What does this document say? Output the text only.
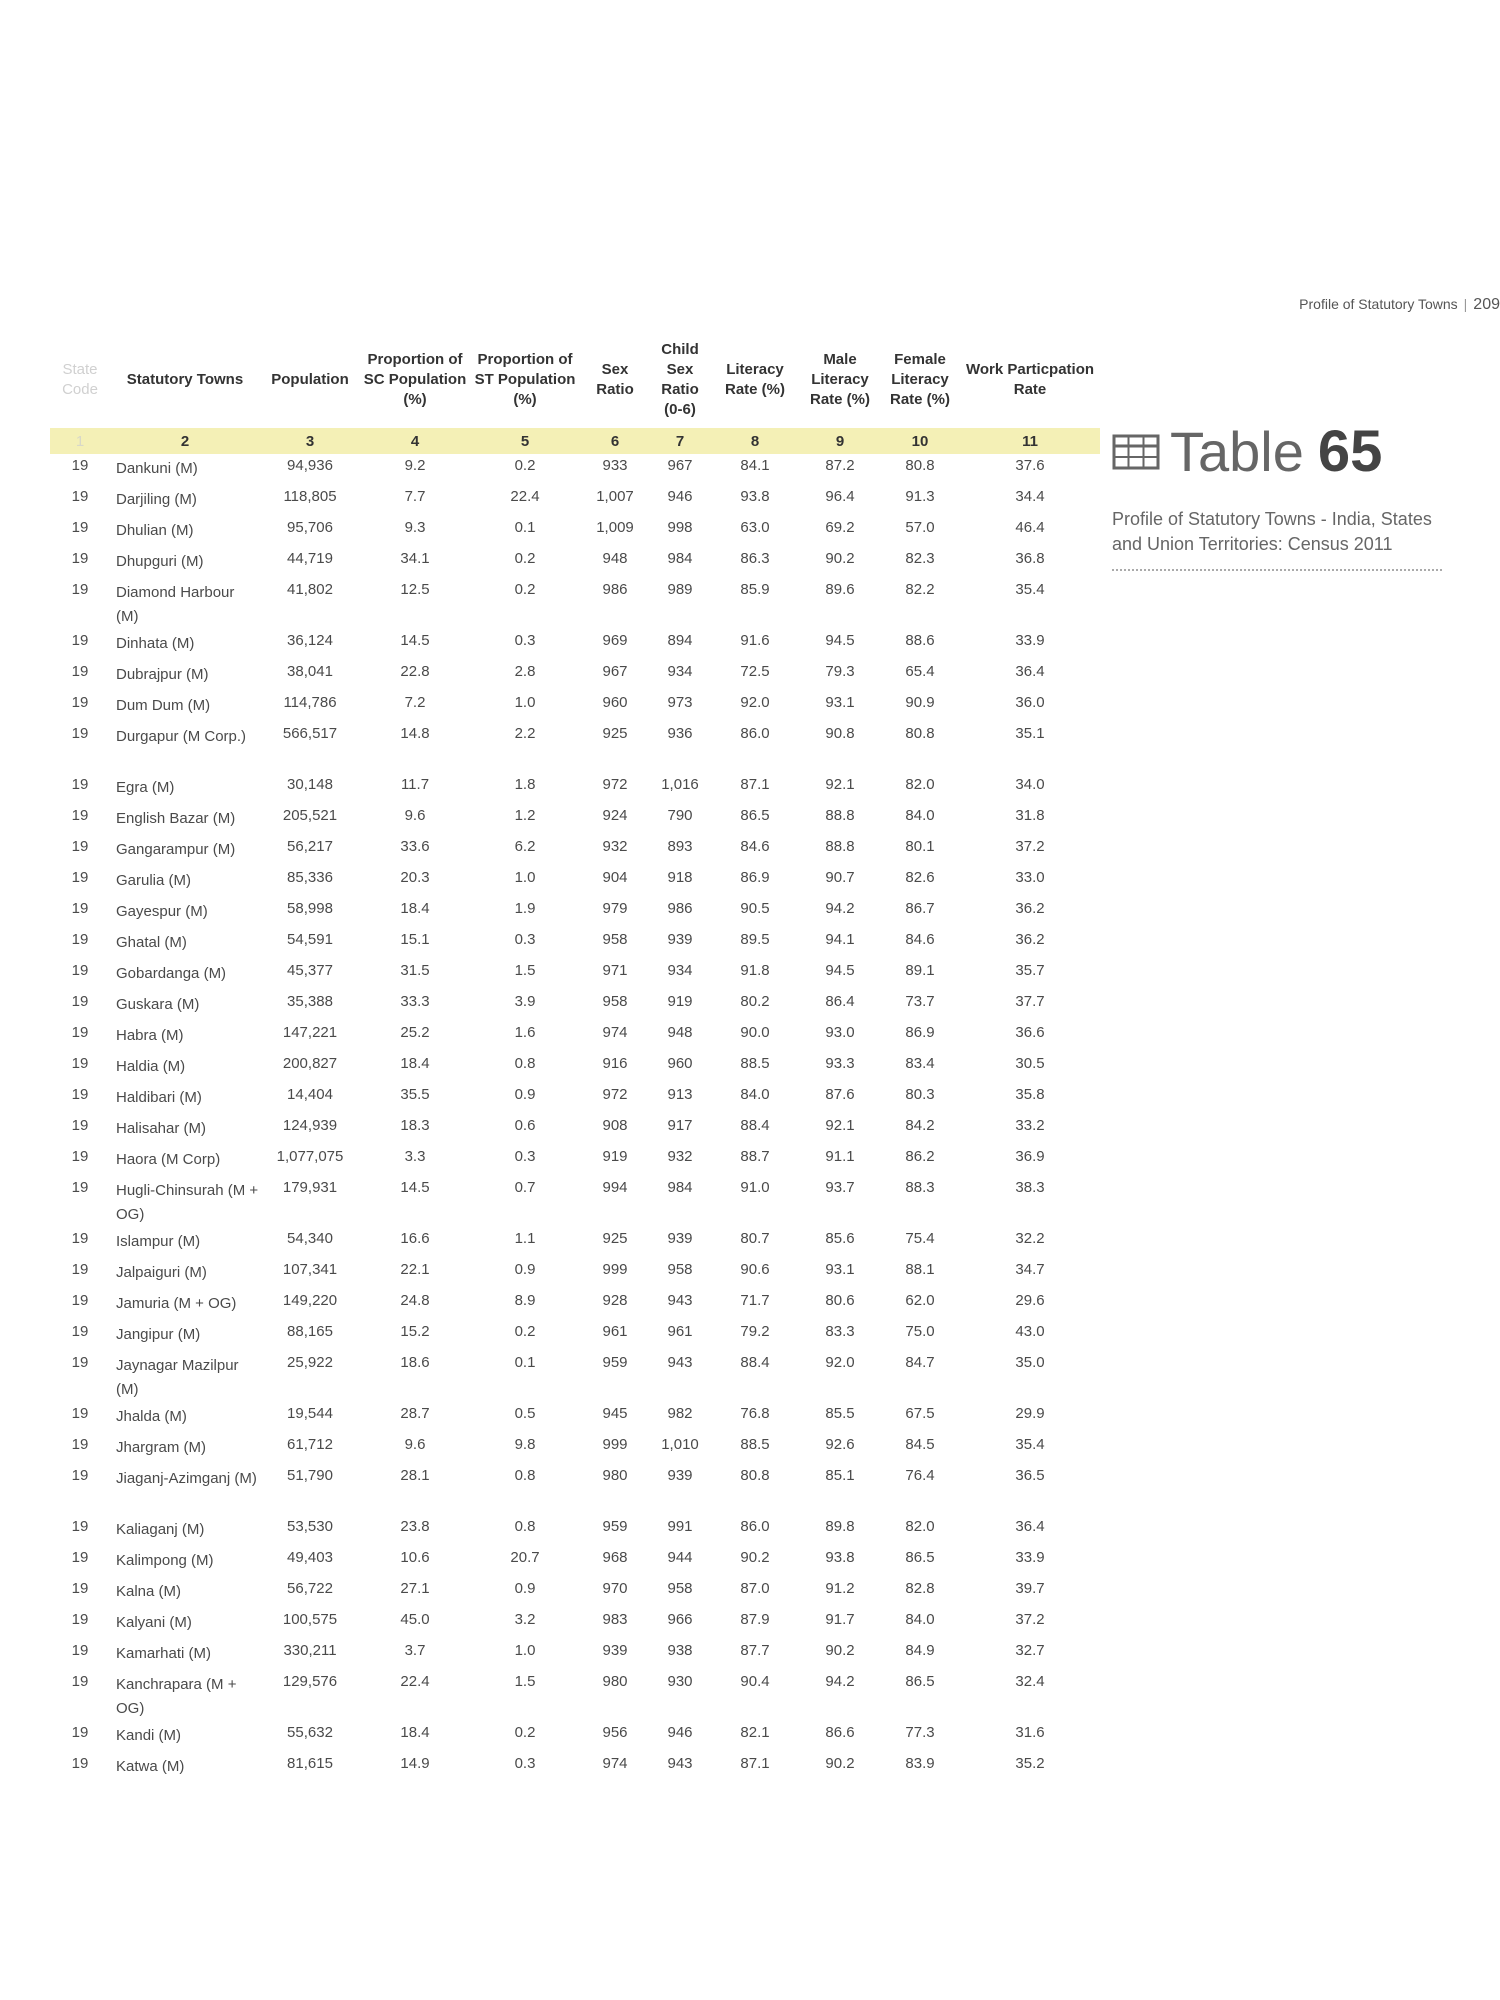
Profile of Statutory Towns | 209
State Code	Statutory Towns	Population	Proportion of SC Population (%)	Proportion of ST Population (%)	Sex Ratio	Child Sex Ratio (0-6)	Literacy Rate (%)	Male Literacy Rate (%)	Female Literacy Rate (%)	Work Particpation Rate
1	2	3	4	5	6	7	8	9	10	11
19	Dankuni (M)	94,936	9.2	0.2	933	967	84.1	87.2	80.8	37.6
19	Darjiling (M)	118,805	7.7	22.4	1,007	946	93.8	96.4	91.3	34.4
19	Dhulian (M)	95,706	9.3	0.1	1,009	998	63.0	69.2	57.0	46.4
19	Dhupguri (M)	44,719	34.1	0.2	948	984	86.3	90.2	82.3	36.8
19	Diamond Harbour (M)	41,802	12.5	0.2	986	989	85.9	89.6	82.2	35.4
19	Dinhata (M)	36,124	14.5	0.3	969	894	91.6	94.5	88.6	33.9
19	Dubrajpur (M)	38,041	22.8	2.8	967	934	72.5	79.3	65.4	36.4
19	Dum Dum (M)	114,786	7.2	1.0	960	973	92.0	93.1	90.9	36.0
19	Durgapur (M Corp.)	566,517	14.8	2.2	925	936	86.0	90.8	80.8	35.1
19	Egra (M)	30,148	11.7	1.8	972	1,016	87.1	92.1	82.0	34.0
19	English Bazar (M)	205,521	9.6	1.2	924	790	86.5	88.8	84.0	31.8
19	Gangarampur (M)	56,217	33.6	6.2	932	893	84.6	88.8	80.1	37.2
19	Garulia (M)	85,336	20.3	1.0	904	918	86.9	90.7	82.6	33.0
19	Gayespur (M)	58,998	18.4	1.9	979	986	90.5	94.2	86.7	36.2
19	Ghatal (M)	54,591	15.1	0.3	958	939	89.5	94.1	84.6	36.2
19	Gobardanga (M)	45,377	31.5	1.5	971	934	91.8	94.5	89.1	35.7
19	Guskara (M)	35,388	33.3	3.9	958	919	80.2	86.4	73.7	37.7
19	Habra (M)	147,221	25.2	1.6	974	948	90.0	93.0	86.9	36.6
19	Haldia (M)	200,827	18.4	0.8	916	960	88.5	93.3	83.4	30.5
19	Haldibari (M)	14,404	35.5	0.9	972	913	84.0	87.6	80.3	35.8
19	Halisahar (M)	124,939	18.3	0.6	908	917	88.4	92.1	84.2	33.2
19	Haora (M Corp)	1,077,075	3.3	0.3	919	932	88.7	91.1	86.2	36.9
19	Hugli-Chinsurah (M + OG)	179,931	14.5	0.7	994	984	91.0	93.7	88.3	38.3
19	Islampur (M)	54,340	16.6	1.1	925	939	80.7	85.6	75.4	32.2
19	Jalpaiguri (M)	107,341	22.1	0.9	999	958	90.6	93.1	88.1	34.7
19	Jamuria (M + OG)	149,220	24.8	8.9	928	943	71.7	80.6	62.0	29.6
19	Jangipur (M)	88,165	15.2	0.2	961	961	79.2	83.3	75.0	43.0
19	Jaynagar Mazilpur (M)	25,922	18.6	0.1	959	943	88.4	92.0	84.7	35.0
19	Jhalda (M)	19,544	28.7	0.5	945	982	76.8	85.5	67.5	29.9
19	Jhargram (M)	61,712	9.6	9.8	999	1,010	88.5	92.6	84.5	35.4
19	Jiaganj-Azimganj (M)	51,790	28.1	0.8	980	939	80.8	85.1	76.4	36.5
19	Kaliaganj (M)	53,530	23.8	0.8	959	991	86.0	89.8	82.0	36.4
19	Kalimpong (M)	49,403	10.6	20.7	968	944	90.2	93.8	86.5	33.9
19	Kalna (M)	56,722	27.1	0.9	970	958	87.0	91.2	82.8	39.7
19	Kalyani (M)	100,575	45.0	3.2	983	966	87.9	91.7	84.0	37.2
19	Kamarhati (M)	330,211	3.7	1.0	939	938	87.7	90.2	84.9	32.7
19	Kanchrapara (M + OG)	129,576	22.4	1.5	980	930	90.4	94.2	86.5	32.4
19	Kandi (M)	55,632	18.4	0.2	956	946	82.1	86.6	77.3	31.6
19	Katwa (M)	81,615	14.9	0.3	974	943	87.1	90.2	83.9	35.2
Table 65
Profile of Statutory Towns - India, States and Union Territories: Census 2011
